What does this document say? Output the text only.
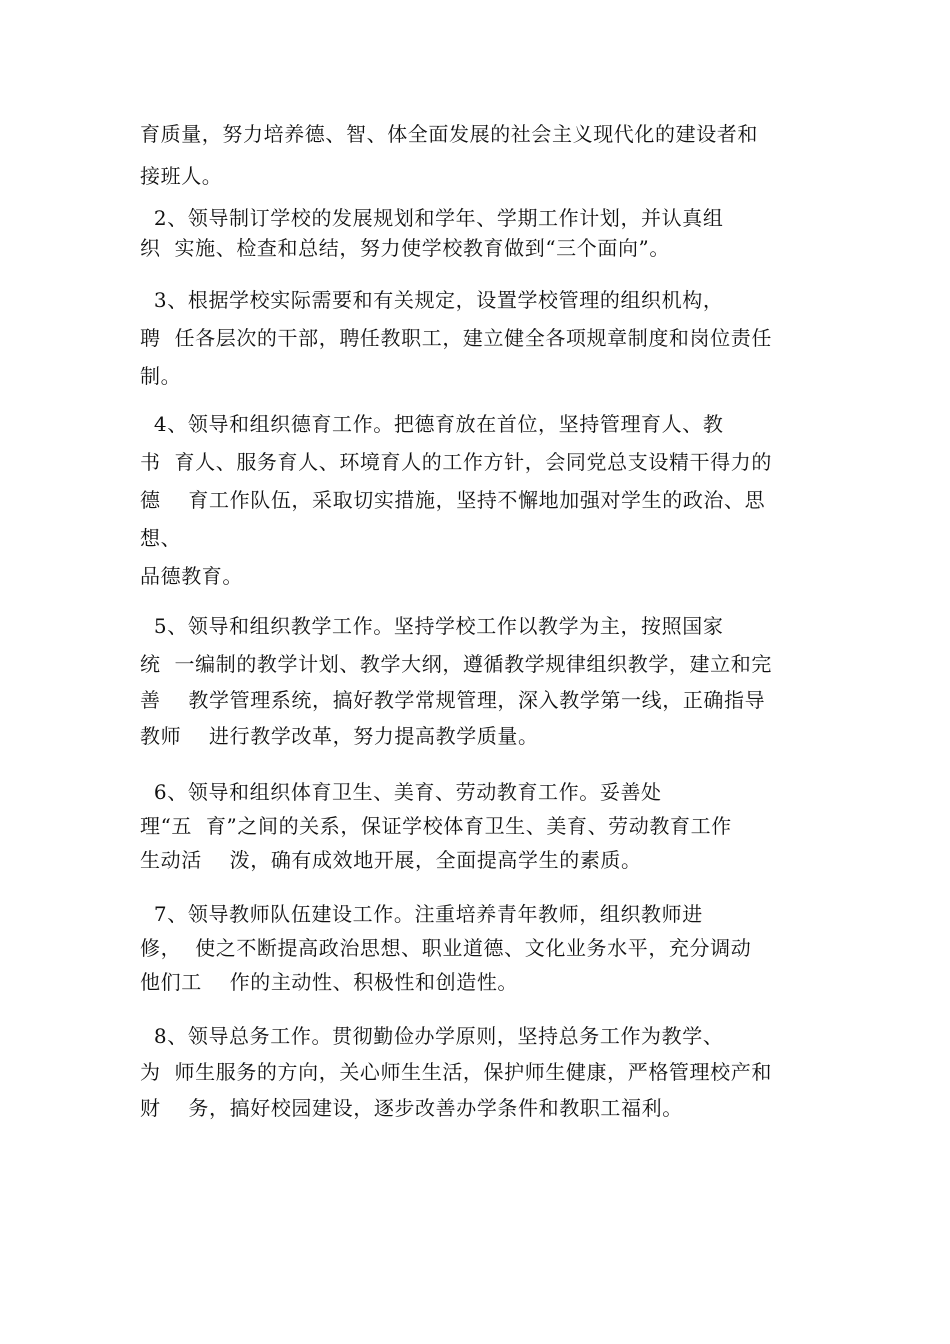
育质量，努力培养德、智、体全面发展的社会主义现代化的建设者和
接班人。
2、领导制订学校的发展规划和学年、学期工作计划，并认真组
织  实施、检查和总结，努力使学校教育做到“三个面向”。
3、根据学校实际需要和有关规定，设置学校管理的组织机构，
聘  任各层次的干部，聘任教职工，建立健全各项规章制度和岗位责任
制。
4、领导和组织德育工作。把德育放在首位，坚持管理育人、教
书  育人、服务育人、环境育人的工作方针，会同党总支设精干得力的
德    育工作队伍，采取切实措施，坚持不懈地加强对学生的政治、思
想、
品德教育。
5、领导和组织教学工作。坚持学校工作以教学为主，按照国家
统  一编制的教学计划、教学大纲，遵循教学规律组织教学，建立和完
善    教学管理系统，搞好教学常规管理，深入教学第一线，正确指导
教师    进行教学改革，努力提高教学质量。
6、领导和组织体育卫生、美育、劳动教育工作。妥善处
理“五  育”之间的关系，保证学校体育卫生、美育、劳动教育工作
生动活    泼，确有成效地开展，全面提高学生的素质。
7、领导教师队伍建设工作。注重培养青年教师，组织教师进
修，  使之不断提高政治思想、职业道德、文化业务水平，充分调动
他们工    作的主动性、积极性和创造性。
8、领导总务工作。贯彻勤俭办学原则，坚持总务工作为教学、
为  师生服务的方向，关心师生生活，保护师生健康，严格管理校产和
财    务，搞好校园建设，逐步改善办学条件和教职工福利。
